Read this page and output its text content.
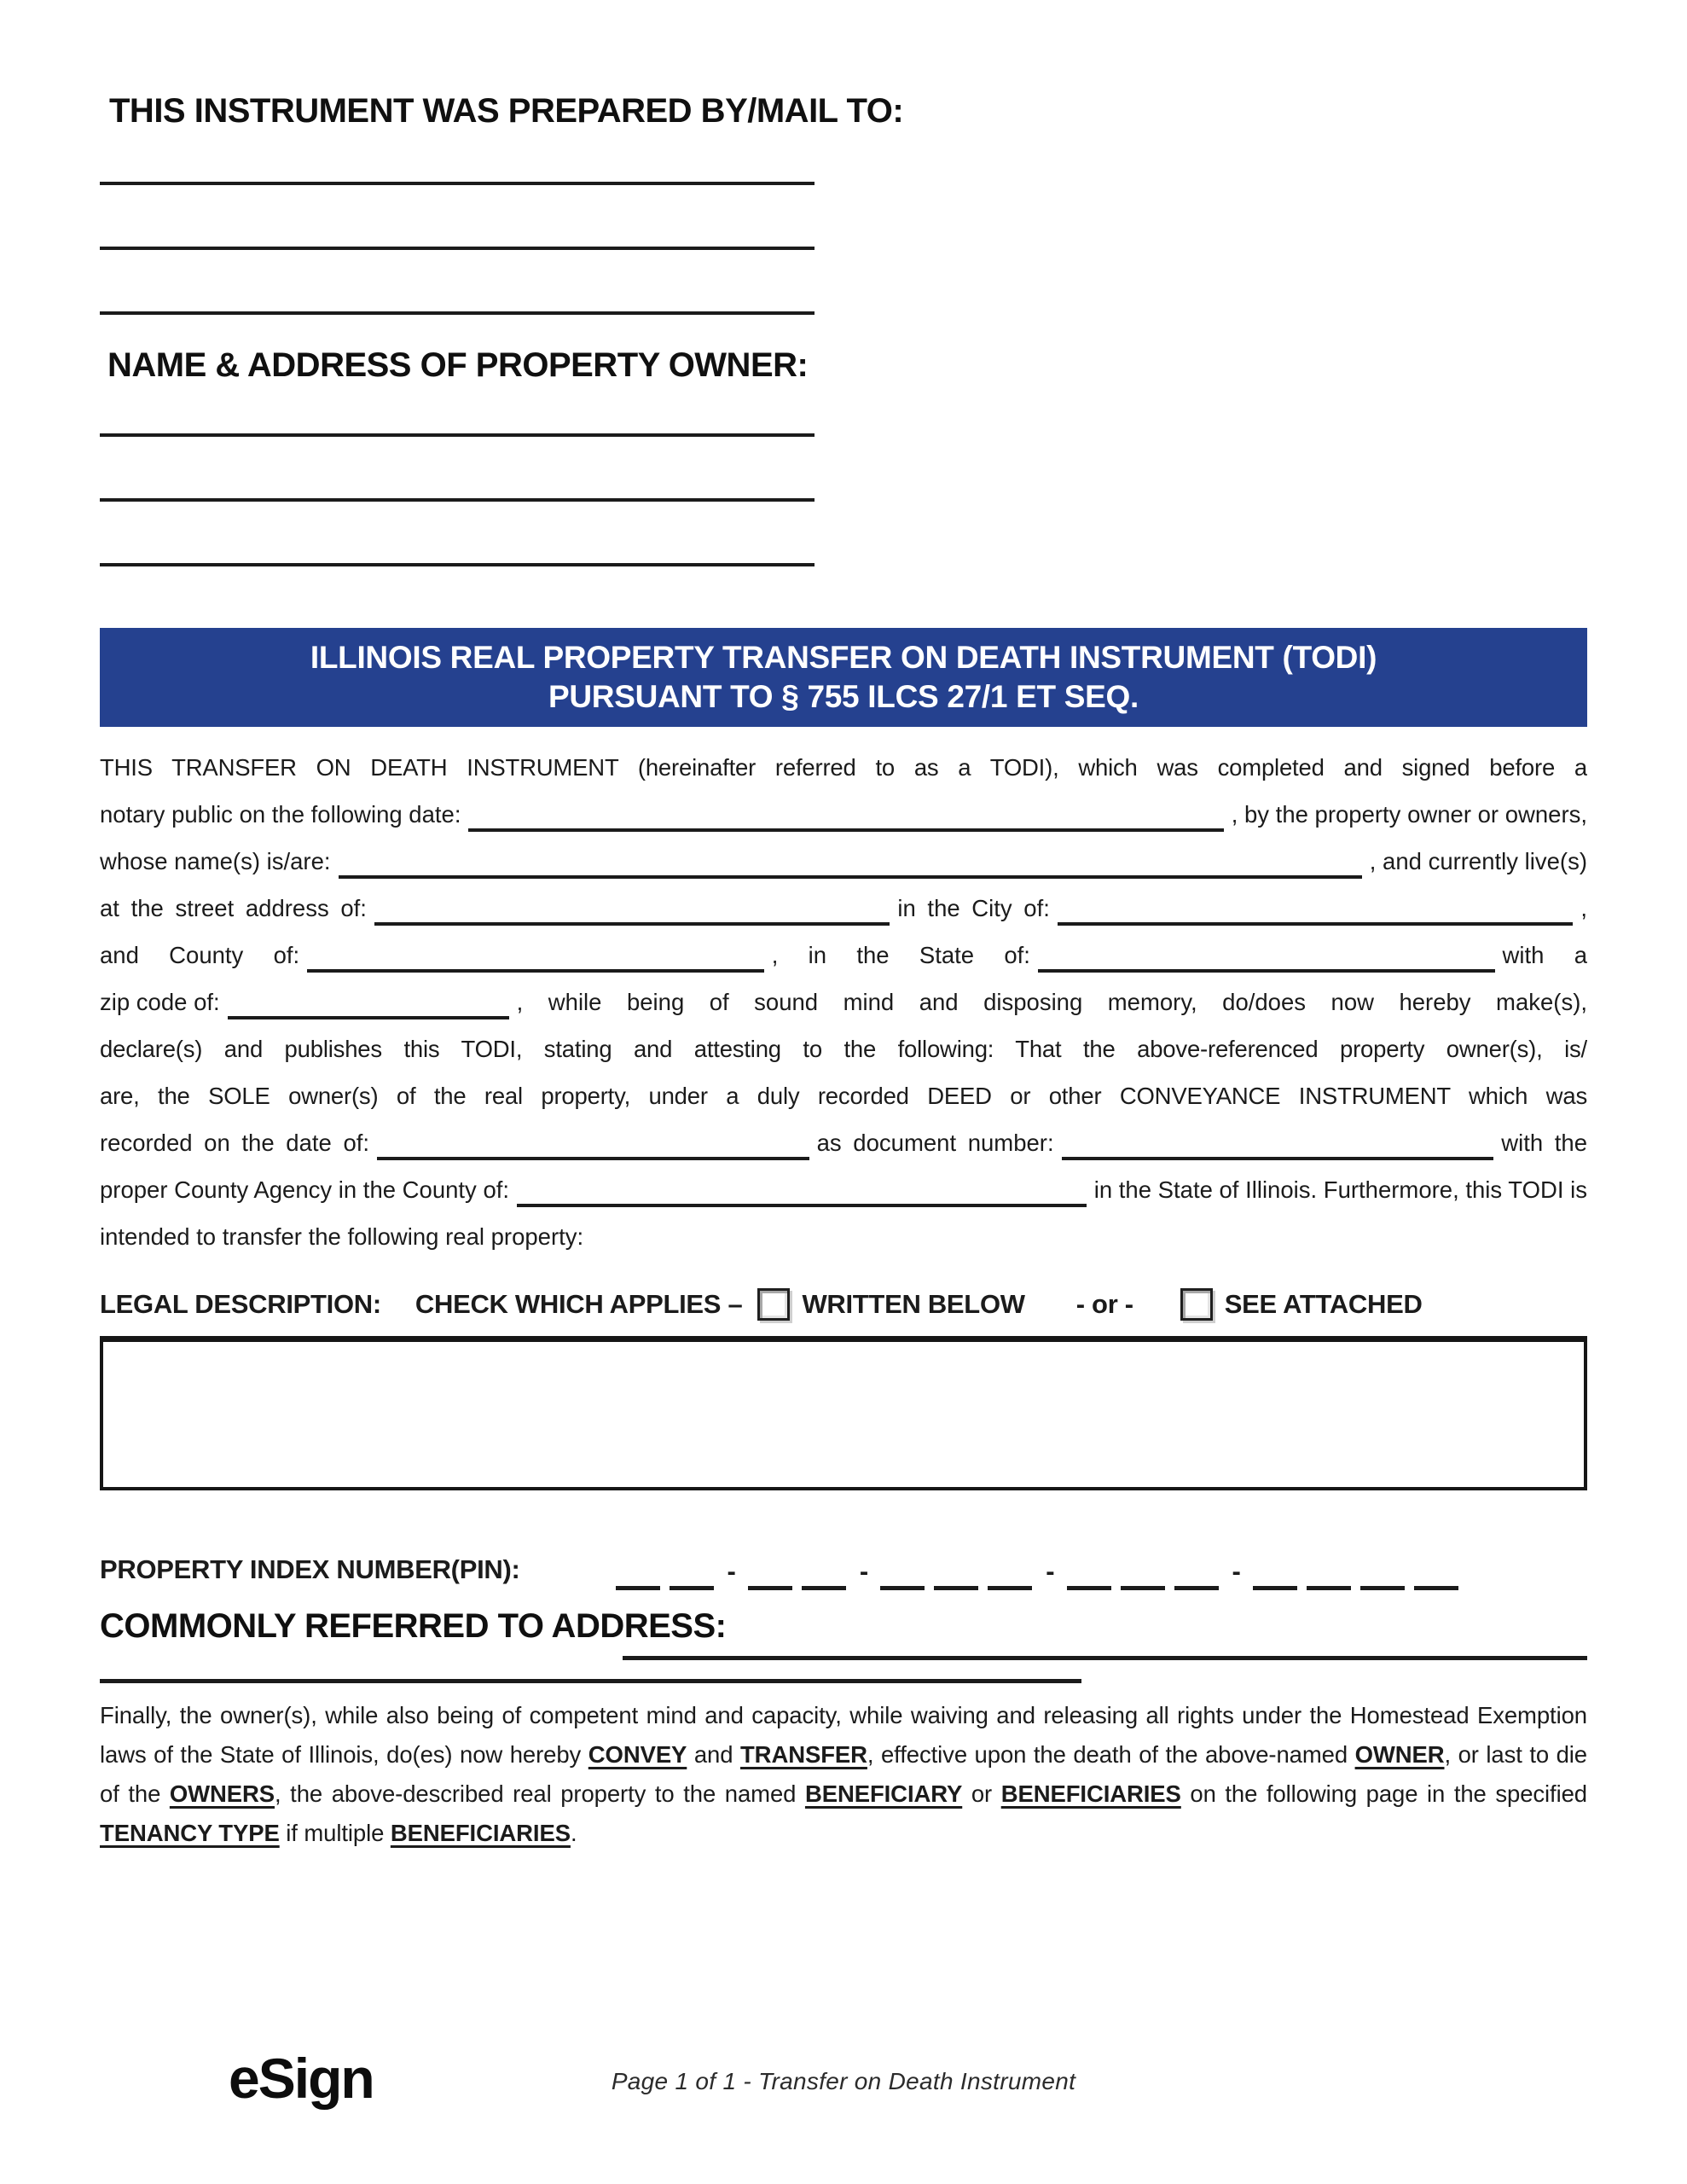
THIS INSTRUMENT WAS PREPARED BY/MAIL TO:
NAME & ADDRESS OF PROPERTY OWNER:
ILLINOIS REAL PROPERTY TRANSFER ON DEATH INSTRUMENT (TODI)
PURSUANT TO § 755 ILCS 27/1 ET SEQ.
THIS TRANSFER ON DEATH INSTRUMENT (hereinafter referred to as a TODI), which was completed and signed before a
notary public on the following date:	, by the property owner or owners,
whose name(s) is/are:	, and currently live(s)
at the street address of:	in the City of:	,
and  County  of:	,  in  the  State  of:	with  a
zip code of:	, while being of sound mind and disposing memory, do/does now hereby make(s),
declare(s) and publishes this TODI, stating and attesting to the following: That the above-referenced property owner(s), is/
are, the SOLE owner(s) of the real property, under a duly recorded DEED or other CONVEYANCE INSTRUMENT which was
recorded on the date of:	as document number:	with the
proper County Agency in the County of:	in the State of Illinois. Furthermore, this TODI is
intended to transfer the following real property:
LEGAL DESCRIPTION: CHECK WHICH APPLIES – WRITTEN BELOW - or -	SEE ATTACHED
PROPERTY INDEX NUMBER(PIN):	-	-	-	-
COMMONLY REFERRED TO ADDRESS:
Finally, the owner(s), while also being of competent mind and capacity, while waiving and releasing all rights under the Homestead Exemption laws of the State of Illinois, do(es) now hereby CONVEY and TRANSFER, effective upon the death of the above-named OWNER, or last to die of the OWNERS, the above-described real property to the named BENEFICIARY or BENEFICIARIES on the following page in the specified TENANCY TYPE if multiple BENEFICIARIES.
eSign	Page 1 of 1 - Transfer on Death Instrument
